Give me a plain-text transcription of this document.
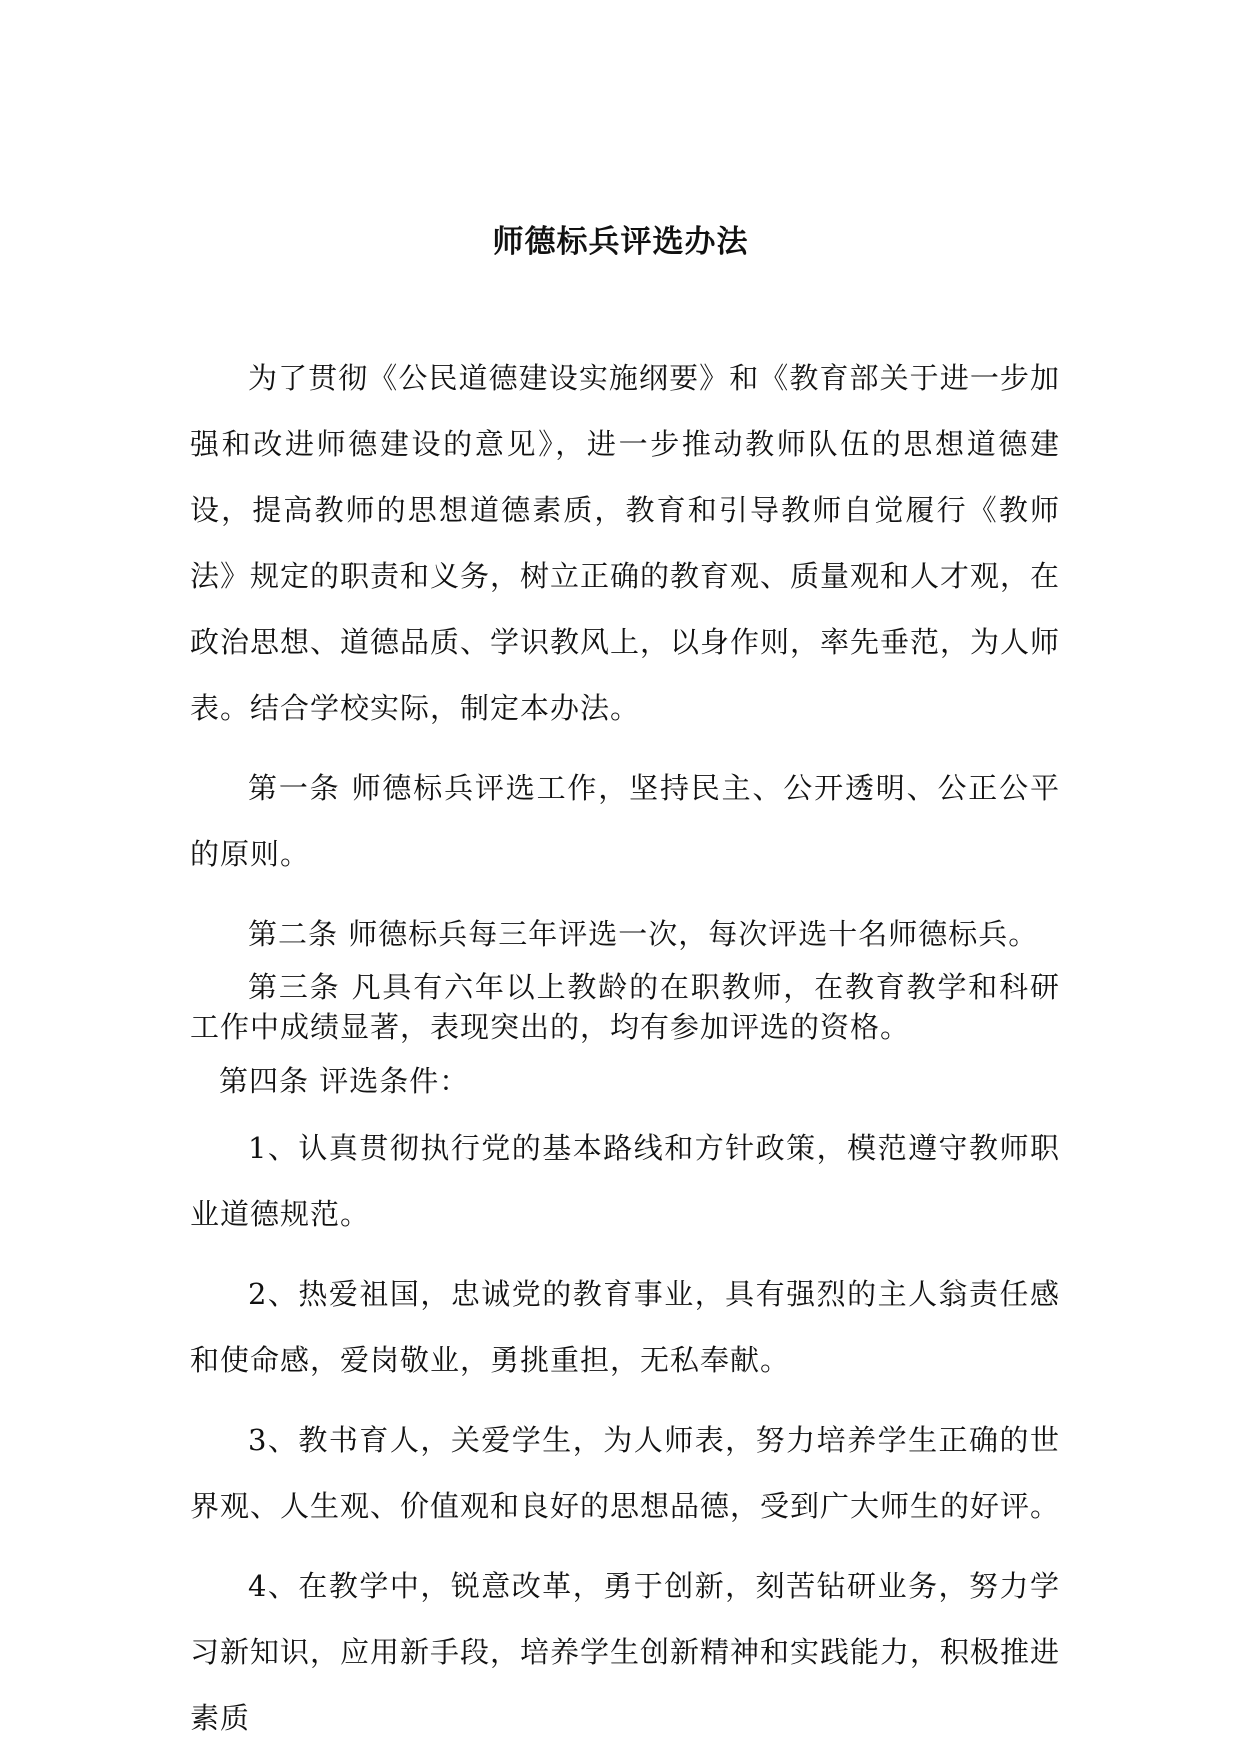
师德标兵评选办法

为了贯彻《公民道德建设实施纲要》和《教育部关于进一步加强和改进师德建设的意见》，进一步推动教师队伍的思想道德建设，提高教师的思想道德素质，教育和引导教师自觉履行《教师法》规定的职责和义务，树立正确的教育观、质量观和人才观，在政治思想、道德品质、学识教风上，以身作则，率先垂范，为人师表。结合学校实际，制定本办法。

第一条 师德标兵评选工作，坚持民主、公开透明、公正公平的原则。

第二条 师德标兵每三年评选一次，每次评选十名师德标兵。

第三条 凡具有六年以上教龄的在职教师，在教育教学和科研工作中成绩显著，表现突出的，均有参加评选的资格。

第四条 评选条件：

1、认真贯彻执行党的基本路线和方针政策，模范遵守教师职业道德规范。

2、热爱祖国，忠诚党的教育事业，具有强烈的主人翁责任感和使命感，爱岗敬业，勇挑重担，无私奉献。

3、教书育人，关爱学生，为人师表，努力培养学生正确的世界观、人生观、价值观和良好的思想品德，受到广大师生的好评。

4、在教学中，锐意改革，勇于创新，刻苦钻研业务，努力学习新知识，应用新手段，培养学生创新精神和实践能力，积极推进素质
